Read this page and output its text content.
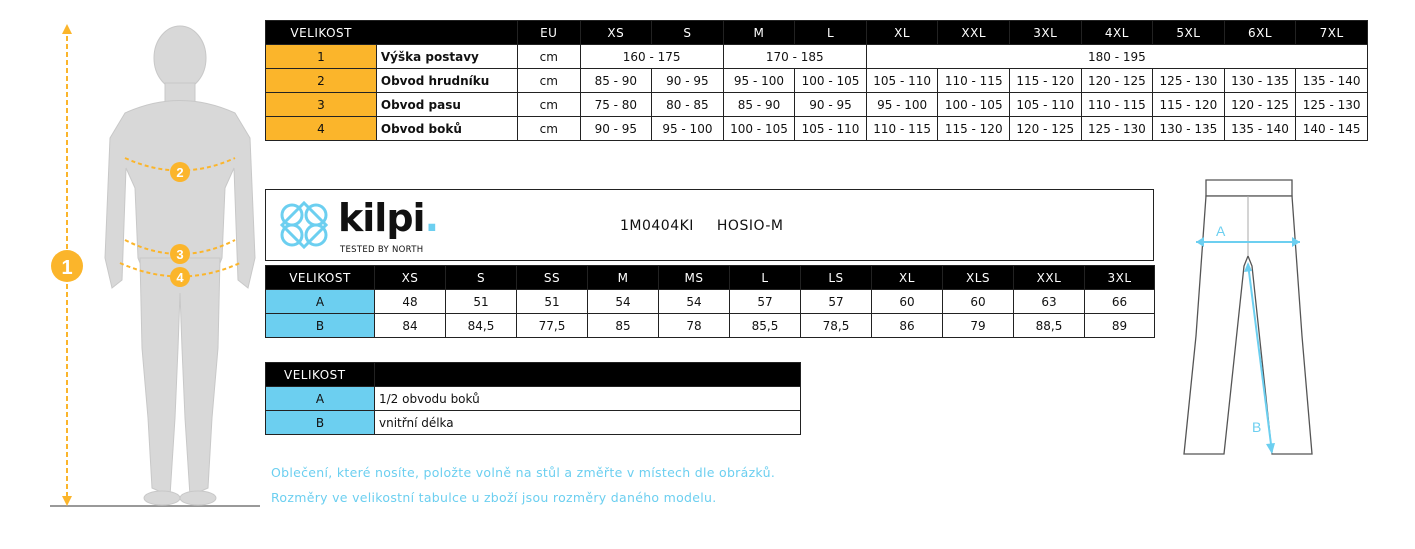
1
2
3
4
VELIKOST		EU	XS	S	M	L	XL	XXL	3XL	4XL	5XL	6XL	7XL
1	Výška postavy	cm	160 - 175		170 - 185		180 - 195						
2	Obvod hrudníku	cm	85 - 90	90 - 95	95 - 100	100 - 105	105 - 110	110 - 115	115 - 120	120 - 125	125 - 130	130 - 135	135 - 140
3	Obvod pasu	cm	75 - 80	80 - 85	85 - 90	90 - 95	95 - 100	100 - 105	105 - 110	110 - 115	115 - 120	120 - 125	125 - 130
4	Obvod boků	cm	90 - 95	95 - 100	100 - 105	105 - 110	110 - 115	115 - 120	120 - 125	125 - 130	130 - 135	135 - 140	140 - 145
kilpi.
TESTED BY NORTH
1M0404KI HOSIO-M
VELIKOST	XS	S	SS	M	MS	L	LS	XL	XLS	XXL	3XL
A	48	51	51	54	54	57	57	60	60	63	66
B	84	84,5	77,5	85	78	85,5	78,5	86	79	88,5	89
VELIKOST	
A	1/2 obvodu boků
B	vnitřní délka
Oblečení, které nosíte, položte volně na stůl a změřte v místech dle obrázků.
Rozměry ve velikostní tabulce u zboží jsou rozměry daného modelu.
A
B
